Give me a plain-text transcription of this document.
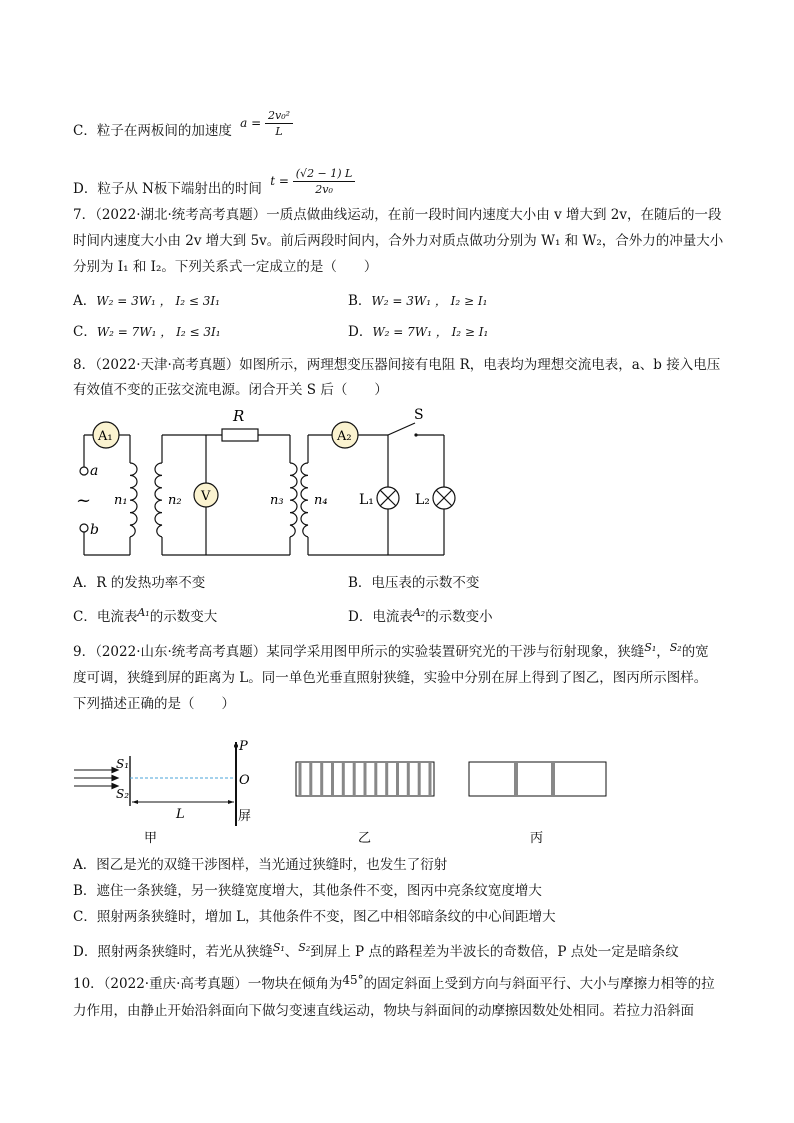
C．粒子在两板间的加速度 $a = \frac{\text{2v₀²}}{L}$
D．粒子从 N板下端射出的时间 $t = \frac{(√2 - 1) L}{\text{2v₀}}$
7．（2022·湖北·统考高考真题）一质点做曲线运动，在前一段时间内速度大小由 v 增大到 2v，在随后的一段
时间内速度大小由 2v 增大到 5v。前后两段时间内，合外力对质点做功分别为 W₁ 和 W₂，合外力的冲量大小
分别为 I₁ 和 I₂。下列关系式一定成立的是（　　）
A．W₂ = 3W₁ ， I₂ ≤ 3I₁	B．W₂ = 3W₁ ， I₂ ≥ I₁
C．W₂ = 7W₁ ， I₂ ≤ 3I₁	D．W₂ = 7W₁ ， I₂ ≥ I₁
8．（2022·天津·高考真题）如图所示，两理想变压器间接有电阻 R，电表均为理想交流电表，a、b 接入电压
有效值不变的正弦交流电源。闭合开关 S 后（　　）
A₁	A₂
V
R	S
a
b
~ n₁	n₂	n₃ n₄ L₁	L₂
A．R 的发热功率不变	B．电压表的示数不变
C．电流表$^{A_1}$的示数变大	D．电流表$^{A_2}$的示数变小
9．（2022·山东·统考高考真题）某同学采用图甲所示的实验装置研究光的干涉与衍射现象，狭缝$^{S_1}$，$^{S_2}$的宽
度可调，狭缝到屏的距离为 L。同一单色光垂直照射狭缝，实验中分别在屏上得到了图乙，图丙所示图样。
下列描述正确的是（　　）
P
O
S₁
S₂
L	屏
甲	乙	丙
A．图乙是光的双缝干涉图样，当光通过狭缝时，也发生了衍射
B．遮住一条狭缝，另一狭缝宽度增大，其他条件不变，图丙中亮条纹宽度增大
C．照射两条狭缝时，增加 L，其他条件不变，图乙中相邻暗条纹的中心间距增大
D．照射两条狭缝时，若光从狭缝$^{S_1}$、$^{S_2}$到屏上 P 点的路程差为半波长的奇数倍，P 点处一定是暗条纹
10．（2022·重庆·高考真题）一物块在倾角为45°的固定斜面上受到方向与斜面平行、大小与摩擦力相等的拉
力作用，由静止开始沿斜面向下做匀变速直线运动，物块与斜面间的动摩擦因数处处相同。若拉力沿斜面
